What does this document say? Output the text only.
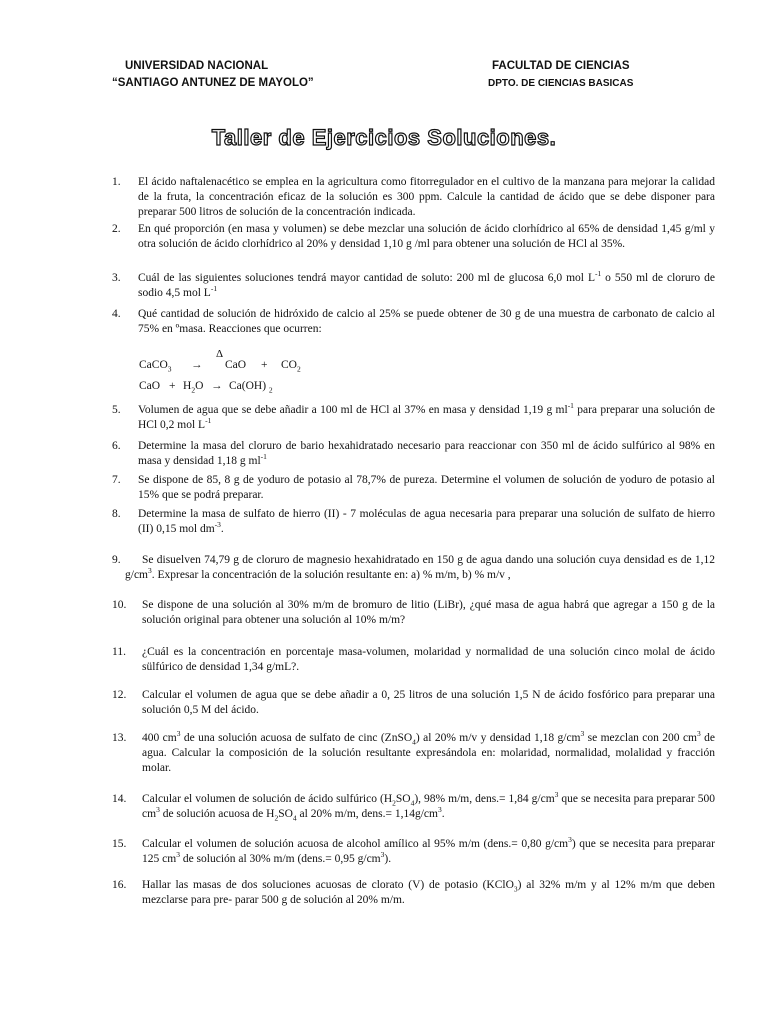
UNIVERSIDAD NACIONAL
“SANTIAGO ANTUNEZ DE MAYOLO”
FACULTAD DE CIENCIAS
DPTO. DE CIENCIAS BASICAS
Taller de Ejercicios Soluciones.
1. El ácido naftalenacético se emplea en la agricultura como fitorregulador en el cultivo de la manzana para mejorar la calidad de la fruta, la concentración eficaz de la solución es 300 ppm. Calcule la cantidad de ácido que se debe disponer para preparar 500 litros de solución de la concentración indicada.
2. En qué proporción (en masa y volumen) se debe mezclar una solución de ácido clorhídrico al 65% de densidad 1,45 g/ml y otra solución de ácido clorhídrico al 20% y densidad 1,10 g /ml para obtener una solución de HCl al 35%.
3. Cuál de las siguientes soluciones tendrá mayor cantidad de soluto: 200 ml de glucosa 6,0 mol $L^{-1}$ o 550 ml de cloruro de sodio 4,5 mol $L^{-1}$
4. Qué cantidad de solución de hidróxido de calcio al 25% se puede obtener de 30 g de una muestra de carbonato de calcio al 75% en ºmasa. Reacciones que ocurren:
Δ
CaCO$_3$ → CaO + $CO_2$
CaO + $H_2O \to Ca(OH)$ $_2$
5. Volumen de agua que se debe añadir a 100 ml de HCl al 37% en masa y densidad 1,19 g $ml^{-1}$ para preparar una solución de HCl 0,2 mol $L^{-1}$
6. Determine la masa del cloruro de bario hexahidratado necesario para reaccionar con 350 ml de ácido sulfúrico al 98% en masa y densidad 1,18 g $ml^{-1}$
7. Se dispone de 85, 8 g de yoduro de potasio al 78,7% de pureza. Determine el volumen de solución de yoduro de potasio al 15% que se podrá preparar.
8. Determine la masa de sulfato de hierro (II) - 7 moléculas de agua necesaria para preparar una solución de sulfato de hierro (II) 0,15 mol $dm^{-3}$.
9.	Se disuelven 74,79 g de cloruro de magnesio hexahidratado en 150 g de agua dando una solución cuya densidad es de 1,12 $g/cm^3$. Expresar la concentración de la solución resultante en: a) % m/m, b) % m/v ,
10. Se dispone de una solución al 30% m/m de bromuro de litio (LiBr), ¿qué masa de agua habrá que agregar a 150 g de la solución original para obtener una solución al 10% m/m?
11. ¿Cuál es la concentración en porcentaje masa-volumen, molaridad y normalidad de una solución cinco molal de ácido sülfúrico de densidad 1,34 g/mL?.
12. Calcular el volumen de agua que se debe añadir a 0, 25 litros de una solución 1,5 N de ácido fosfórico para preparar una solución 0,5 M del ácido.
13. 400 $cm^3$ de una solución acuosa de sulfato de cinc (ZnSO$_4$) al 20% m/v y densidad 1,18 $g/cm^3$ se mezclan con 200 $cm^3$ de agua. Calcular la composición de la solución resultante expresándola en: molaridad, normalidad, molalidad y fracción molar.
14. Calcular el volumen de solución de ácido sulfúrico $(H_2SO_4)$, 98% m/m, dens.= 1,84 $g/cm^3$ que se necesita para preparar 500 $cm^3$ de solución acuosa de $H_2SO_4$ al 20% m/m, dens.= $1,14g/cm^3$.
15. Calcular el volumen de solución acuosa de alcohol amílico al 95% m/m (dens.= 0,80 $g/cm^3$) que se necesita para preparar 125 $cm^3$ de solución al 30% m/m (dens.= 0,95 $g/cm^3$).
16. Hallar las masas de dos soluciones acuosas de clorato (V) de potasio (KClO$_3$) al 32% m/m y al 12% m/m que deben mezclarse para pre- parar 500 g de solución al 20% m/m.
